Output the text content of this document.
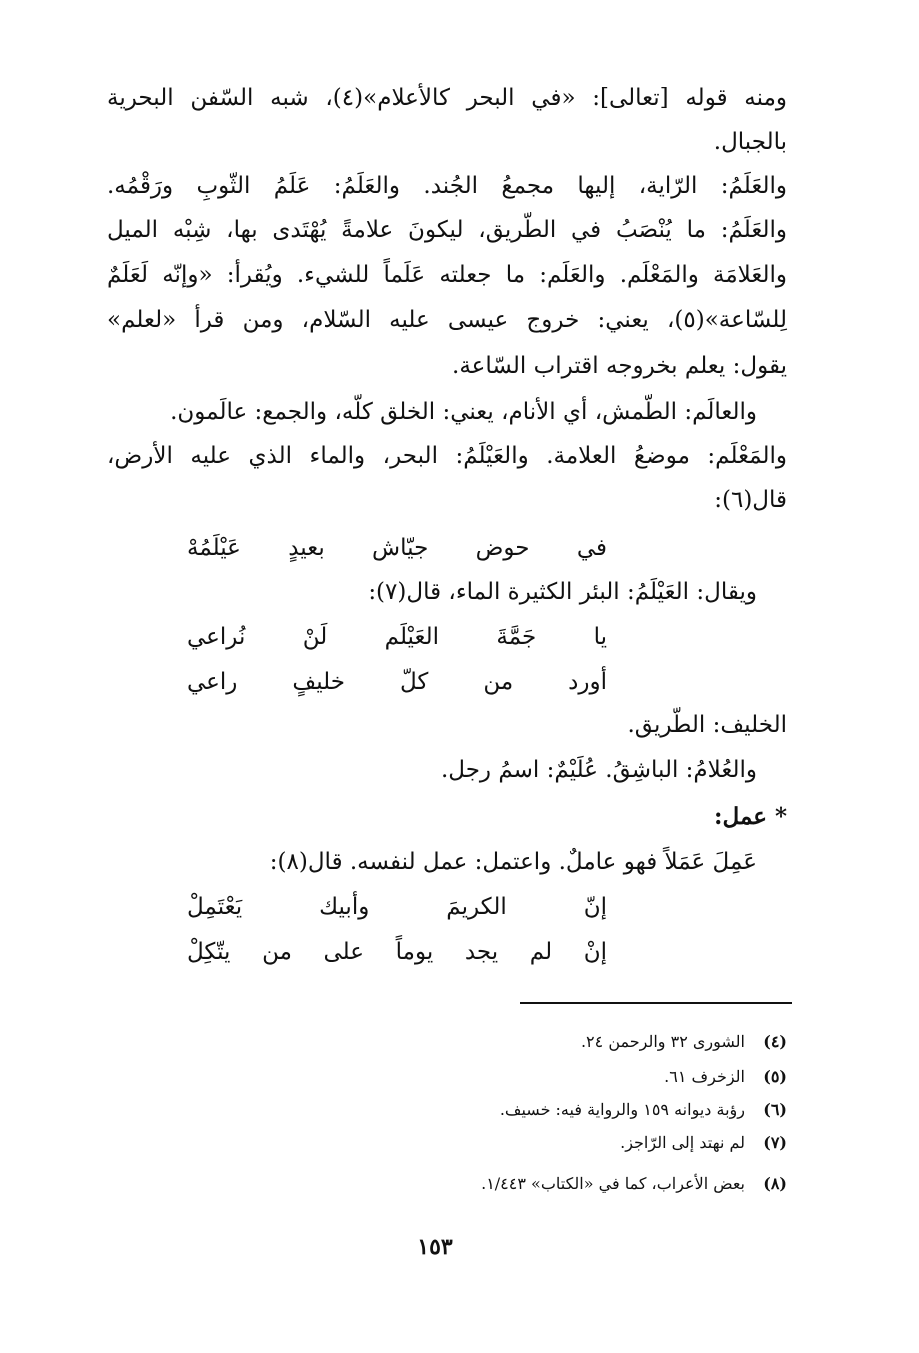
ومنه قوله [تعالى]: «في البحر كالأعلام»(٤)، شبه السّفن البحرية
بالجبال.
والعَلَمُ: الرّاية، إليها مجمعُ الجُند. والعَلَمُ: عَلَمُ الثّوبِ ورَقْمُه.
والعَلَمُ: ما يُنْصَبُ في الطّريق، ليكونَ علامةً يُهْتَدى بها، شِبْه الميل
والعَلامَة والمَعْلَم. والعَلَم: ما جعلته عَلَماً للشيء. ويُقرأ: «وإنّه لَعَلَمٌ
لِلسّاعة»(٥)، يعني: خروج عيسى عليه السّلام، ومن قرأ «لعلم»
يقول: يعلم بخروجه اقتراب السّاعة.
والعالَم: الطّمش، أي الأنام، يعني: الخلق كلّه، والجمع: عالَمون.
والمَعْلَم: موضعُ العلامة. والعَيْلَمُ: البحر، والماء الذي عليه الأرض،
قال(٦):
في حوض جيّاش بعيدٍ عَيْلَمُهْ
ويقال: العَيْلَمُ: البئر الكثيرة الماء، قال(٧):
يا جَمَّةَ العَيْلَم لَنْ نُراعي
أورد من كلّ خليفٍ راعي
الخليف: الطّريق.
والعُلامُ: الباشِقُ. عُلَيْمٌ: اسمُ رجل.
* عمل:
عَمِلَ عَمَلاً فهو عاملٌ. واعتمل: عمل لنفسه. قال(٨):
إنّ الكريمَ وأبيك يَعْتَمِلْ
إنْ لم يجد يوماً على من يتّكِلْ
(٤)الشورى ٣٢ والرحمن ٢٤.
(٥)الزخرف ٦١.
(٦)رؤبة ديوانه ١٥٩ والرواية فيه: خسيف.
(٧)لم نهتد إلى الرّاجز.
(٨)بعض الأعراب، كما في «الكتاب» ١/٤٤٣.
١٥٣
